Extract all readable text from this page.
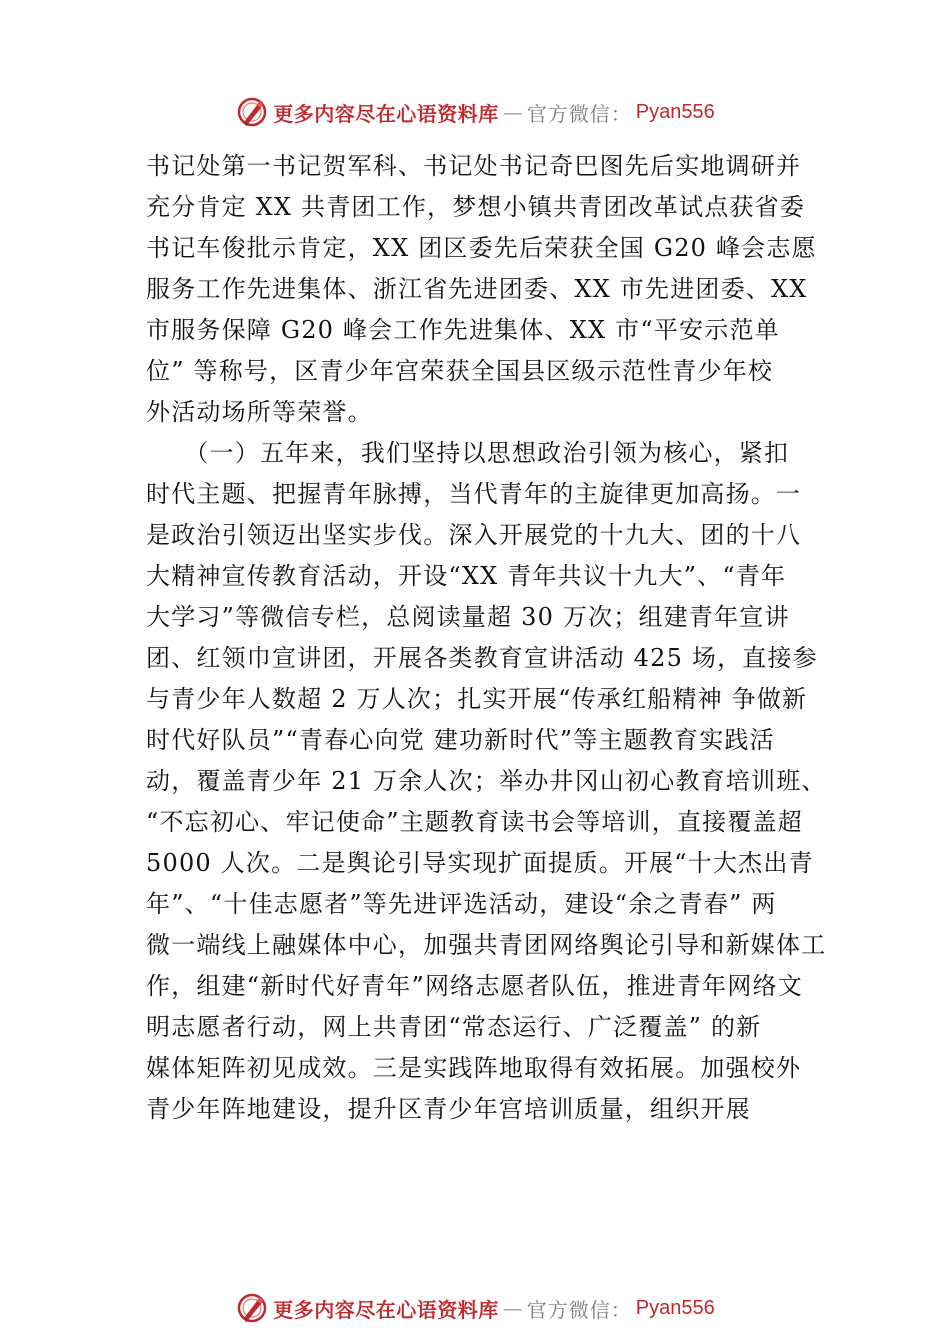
更多内容尽在心语资料库 — 官方微信： Pyan556
书记处第一书记贺军科、书记处书记奇巴图先后实地调研并
充分肯定 XX 共青团工作，梦想小镇共青团改革试点获省委
书记车俊批示肯定，XX 团区委先后荣获全国 G20 峰会志愿
服务工作先进集体、浙江省先进团委、XX 市先进团委、XX
市服务保障 G20 峰会工作先进集体、XX 市“平安示范单
位” 等称号，区青少年宫荣获全国县区级示范性青少年校
外活动场所等荣誉。
　　（一）五年来，我们坚持以思想政治引领为核心，紧扣
时代主题、把握青年脉搏，当代青年的主旋律更加高扬。一
是政治引领迈出坚实步伐。深入开展党的十九大、团的十八
大精神宣传教育活动，开设“XX 青年共议十九大”、“青年
大学习”等微信专栏，总阅读量超 30 万次；组建青年宣讲
团、红领巾宣讲团，开展各类教育宣讲活动 425 场，直接参
与青少年人数超 2 万人次；扎实开展“传承红船精神 争做新
时代好队员”“青春心向党 建功新时代”等主题教育实践活
动，覆盖青少年 21 万余人次；举办井冈山初心教育培训班、
“不忘初心、牢记使命”主题教育读书会等培训，直接覆盖超
5000 人次。二是舆论引导实现扩面提质。开展“十大杰出青
年”、“十佳志愿者”等先进评选活动，建设“余之青春” 两
微一端线上融媒体中心，加强共青团网络舆论引导和新媒体工
作，组建“新时代好青年”网络志愿者队伍，推进青年网络文
明志愿者行动，网上共青团“常态运行、广泛覆盖” 的新
媒体矩阵初见成效。三是实践阵地取得有效拓展。加强校外
青少年阵地建设，提升区青少年宫培训质量，组织开展
更多内容尽在心语资料库 — 官方微信： Pyan556
